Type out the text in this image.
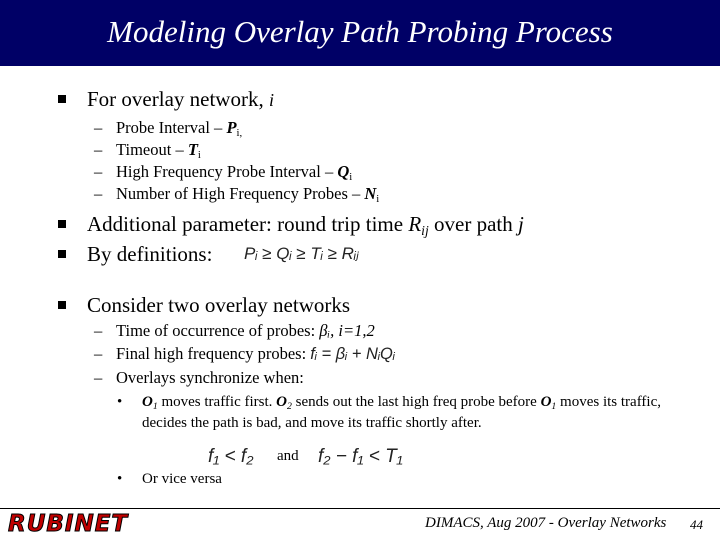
Modeling Overlay Path Probing Process
For overlay network, i
– Probe Interval – $P_{i,}$
– Timeout – $T_i$
– High Frequency Probe Interval – $Q_i$
– Number of High Frequency Probes – $N_i$
Additional parameter: round trip time $R_{ij}$ over path j
By definitions: Pᵢ ≥ Qᵢ ≥ Tᵢ ≥ Rᵢⱼ
Consider two overlay networks
– Time of occurrence of probes: βᵢ, i=1,2
– Final high frequency probes: fᵢ = βᵢ + NᵢQᵢ
– Overlays synchronize when:
• $O_1$ moves traffic first. $O_2$ sends out the last high freq probe before $O_1$ moves its traffic, decides the path is bad, and move its traffic shortly after.
f₁ < f₂ and f₂ − f₁ < T₁
• Or vice versa
RUBINET	DIMACS, Aug 2007 - Overlay Networks 44
